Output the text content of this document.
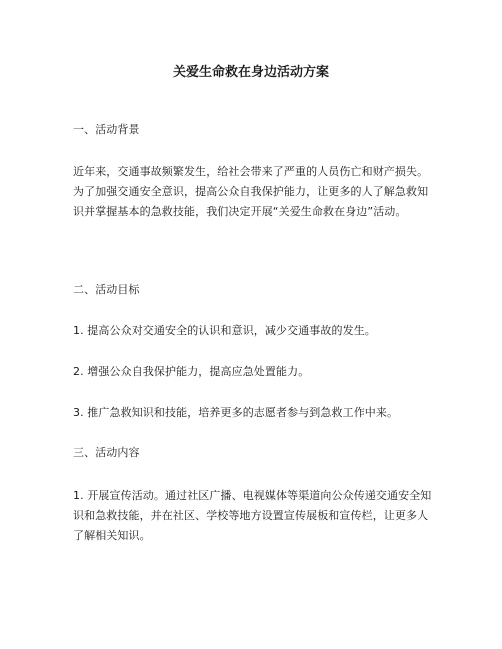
关爱生命救在身边活动方案

一、活动背景

近年来，交通事故频繁发生，给社会带来了严重的人员伤亡和财产损失。为了加强交通安全意识，提高公众自我保护能力，让更多的人了解急救知识并掌握基本的急救技能，我们决定开展“关爱生命救在身边”活动。

二、活动目标

1. 提高公众对交通安全的认识和意识，减少交通事故的发生。

2. 增强公众自我保护能力，提高应急处置能力。

3. 推广急救知识和技能，培养更多的志愿者参与到急救工作中来。

三、活动内容

1. 开展宣传活动。通过社区广播、电视媒体等渠道向公众传递交通安全知识和急救技能，并在社区、学校等地方设置宣传展板和宣传栏，让更多人了解相关知识。
